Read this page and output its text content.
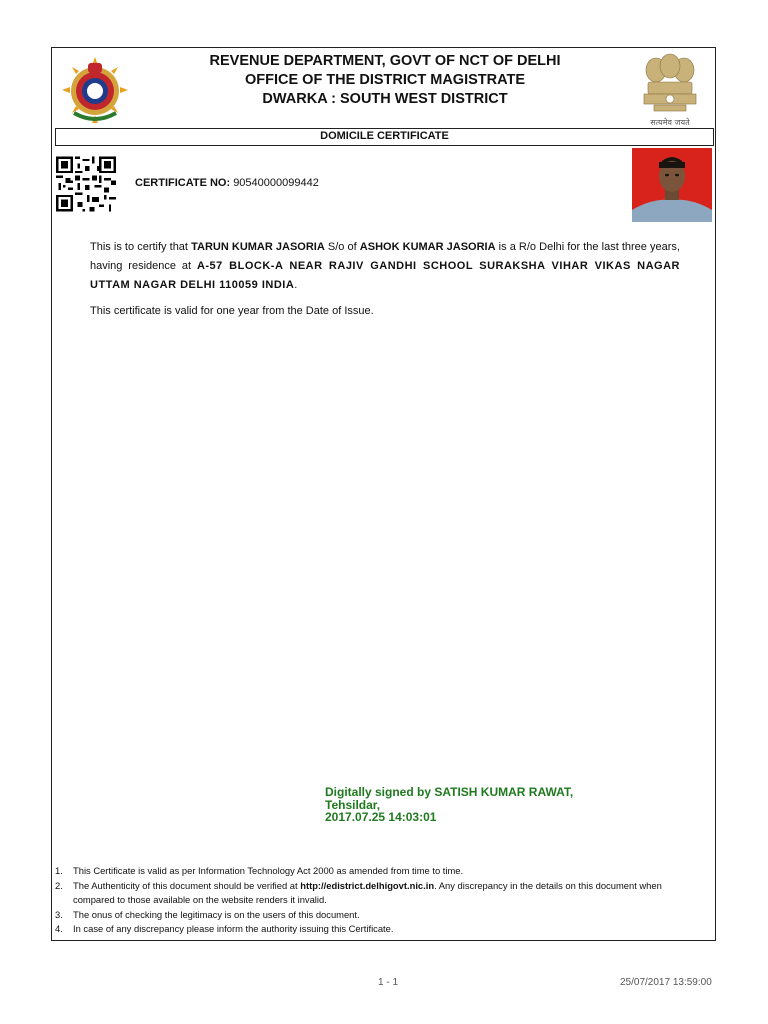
REVENUE DEPARTMENT, GOVT OF NCT OF DELHI
OFFICE OF THE DISTRICT MAGISTRATE
DWARKA : SOUTH WEST DISTRICT
सत्यमेव जयते
DOMICILE CERTIFICATE
CERTIFICATE NO: 90540000099442
This is to certify that TARUN KUMAR JASORIA S/o of ASHOK KUMAR JASORIA is a R/o Delhi for the last three years, having residence at A-57 BLOCK-A NEAR RAJIV GANDHI SCHOOL SURAKSHA VIHAR VIKAS NAGAR UTTAM NAGAR DELHI 110059 INDIA.
This certificate is valid for one year from the Date of Issue.
Digitally signed by SATISH KUMAR RAWAT,
Tehsildar,
2017.07.25 14:03:01
1.	This Certificate is valid as per Information Technology Act 2000 as amended from time to time.
2.	The Authenticity of this document should be verified at http://edistrict.delhigovt.nic.in. Any discrepancy in the details on this document when compared to those available on the website renders it invalid.
3.	The onus of checking the legitimacy is on the users of this document.
4.	In case of any discrepancy please inform the authority issuing this Certificate.
1 - 1	25/07/2017 13:59:00
